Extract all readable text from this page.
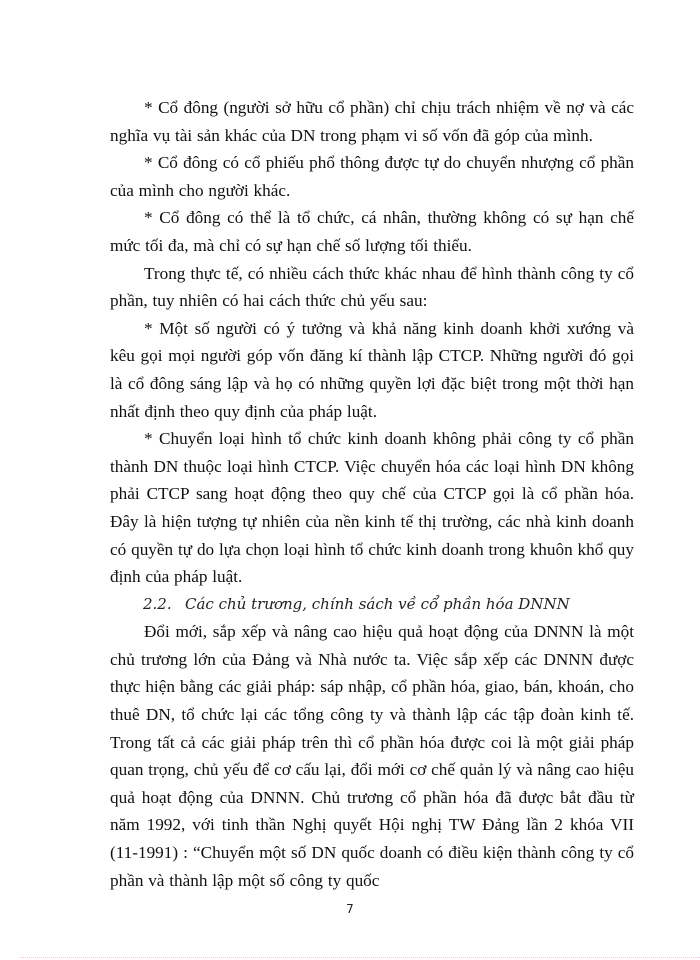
* Cổ đông (người sở hữu cổ phần) chỉ chịu trách nhiệm về nợ và các nghĩa vụ tài sản khác của DN trong phạm vi số vốn đã góp của mình.

* Cổ đông có cổ phiếu phổ thông được tự do chuyển nhượng cổ phần của mình cho người khác.

* Cổ đông có thể là tổ chức, cá nhân, thường không có sự hạn chế mức tối đa, mà chỉ có sự hạn chế số lượng tối thiểu.

Trong thực tế, có nhiều cách thức khác nhau để hình thành công ty cổ phần, tuy nhiên có hai cách thức chủ yếu sau:

* Một số người có ý tưởng và khả năng kinh doanh khởi xướng và kêu gọi mọi người góp vốn đăng kí thành lập CTCP. Những người đó gọi là cổ đông sáng lập và họ có những quyền lợi đặc biệt trong một thời hạn nhất định theo quy định của pháp luật.

* Chuyển loại hình tổ chức kinh doanh không phải công ty cổ phần thành DN thuộc loại hình CTCP. Việc chuyển hóa các loại hình DN không phải CTCP sang hoạt động theo quy chế của CTCP gọi là cổ phần hóa. Đây là hiện tượng tự nhiên của nền kinh tế thị trường, các nhà kinh doanh có quyền tự do lựa chọn loại hình tổ chức kinh doanh trong khuôn khổ quy định của pháp luật.

2.2. Các chủ trương, chính sách về cổ phần hóa DNNN

Đổi mới, sắp xếp và nâng cao hiệu quả hoạt động của DNNN là một chủ trương lớn của Đảng và Nhà nước ta. Việc sắp xếp các DNNN được thực hiện bằng các giải pháp: sáp nhập, cổ phần hóa, giao, bán, khoán, cho thuê DN, tổ chức lại các tổng công ty và thành lập các tập đoàn kinh tế. Trong tất cả các giải pháp trên thì cổ phần hóa được coi là một giải pháp quan trọng, chủ yếu để cơ cấu lại, đổi mới cơ chế quản lý và nâng cao hiệu quả hoạt động của DNNN. Chủ trương cổ phần hóa đã được bắt đầu từ năm 1992, với tinh thần Nghị quyết Hội nghị TW Đảng lần 2 khóa VII (11-1991) : “Chuyển một số DN quốc doanh có điều kiện thành công ty cổ phần và thành lập một số công ty quốc

7
